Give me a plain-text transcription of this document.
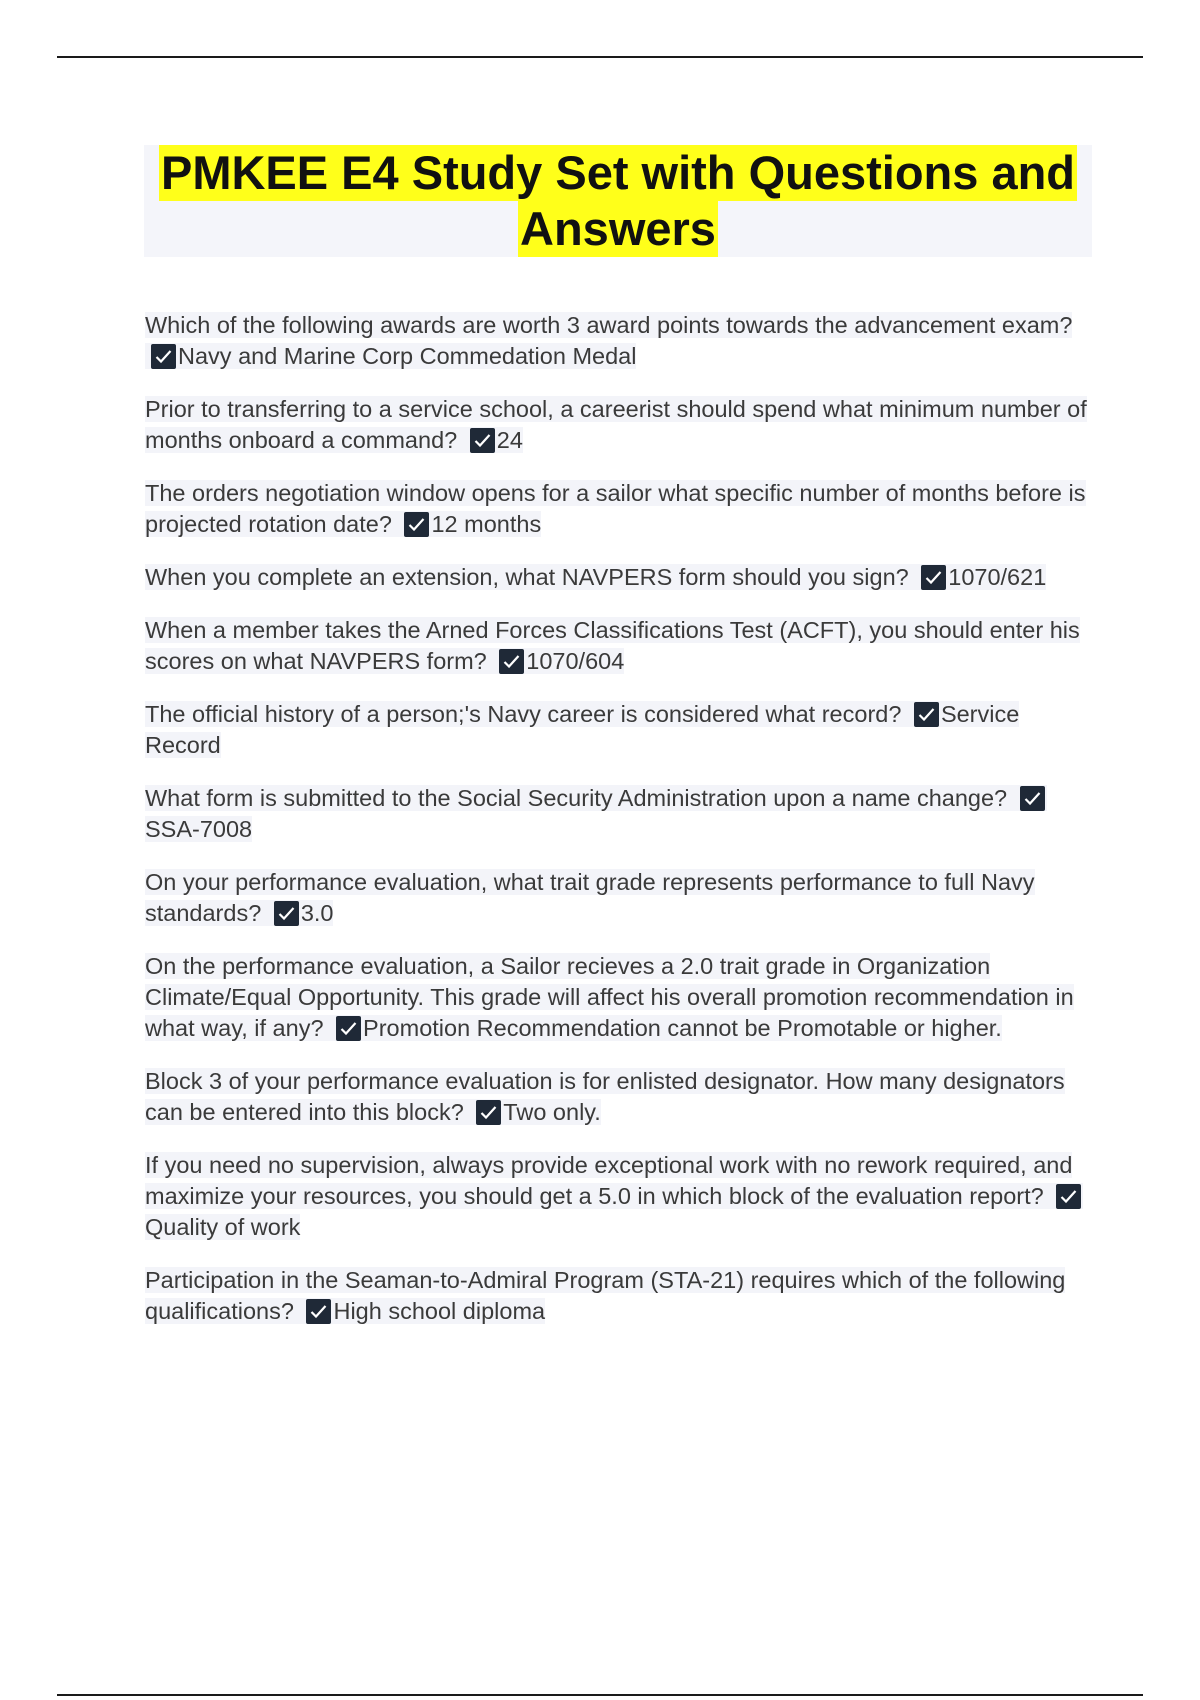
PMKEE E4 Study Set with Questions and
Answers

Which of the following awards are worth 3 award points towards the advancement exam?
Navy and Marine Corp Commedation Medal

Prior to transferring to a service school, a careerist should spend what minimum number of months onboard a command? 24

The orders negotiation window opens for a sailor what specific number of months before is projected rotation date? 12 months

When you complete an extension, what NAVPERS form should you sign? 1070/621

When a member takes the Arned Forces Classifications Test (ACFT), you should enter his scores on what NAVPERS form? 1070/604

The official history of a person;'s Navy career is considered what record? Service Record

What form is submitted to the Social Security Administration upon a name change?
SSA-7008

On your performance evaluation, what trait grade represents performance to full Navy standards? 3.0

On the performance evaluation, a Sailor recieves a 2.0 trait grade in Organization Climate/Equal Opportunity. This grade will affect his overall promotion recommendation in what way, if any? Promotion Recommendation cannot be Promotable or higher.

Block 3 of your performance evaluation is for enlisted designator. How many designators can be entered into this block? Two only.

If you need no supervision, always provide exceptional work with no rework required, and maximize your resources, you should get a 5.0 in which block of the evaluation report?
Quality of work

Participation in the Seaman-to-Admiral Program (STA-21) requires which of the following qualifications? High school diploma
